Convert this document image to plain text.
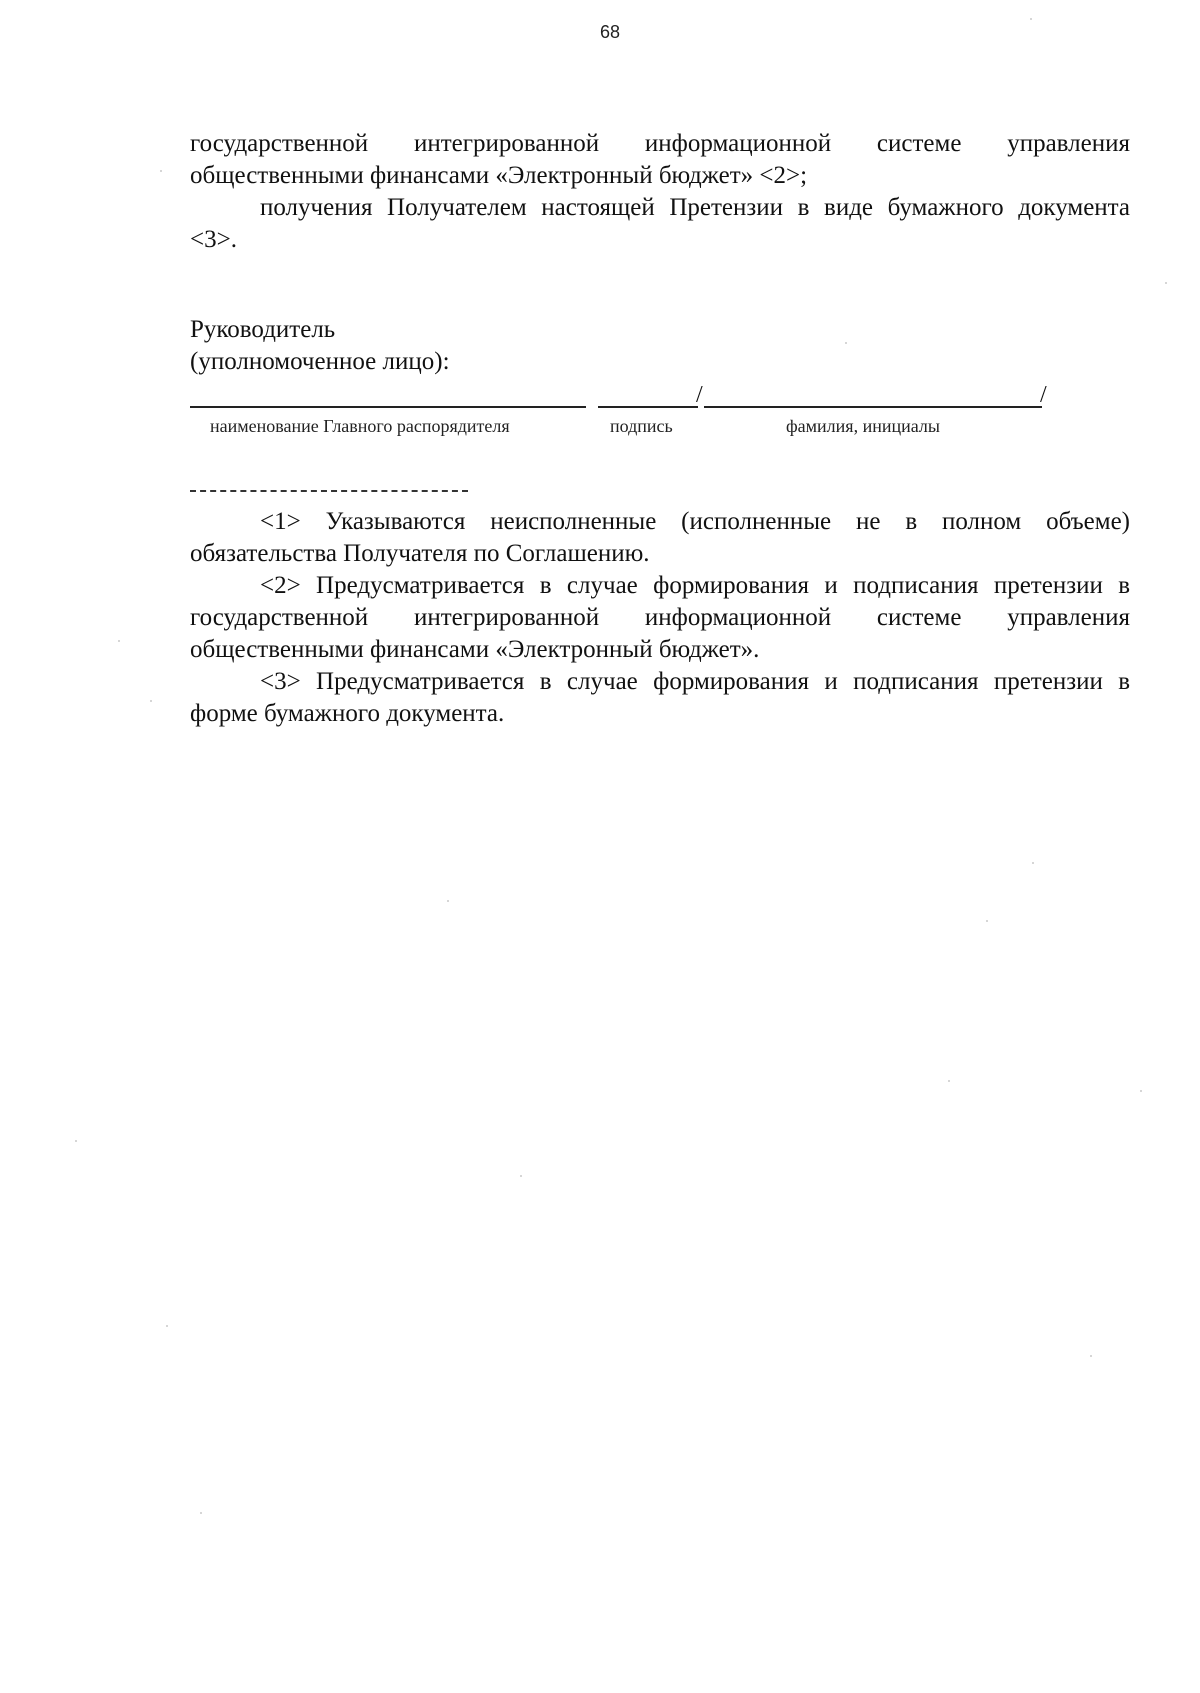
68
государственной интегрированной информационной системе управления
общественными финансами «Электронный бюджет» <2>;
получения Получателем настоящей Претензии в виде бумажного документа
<3>.
Руководитель
(уполномоченное лицо):
/	/
наименование Главного распорядителя	подпись	фамилия, инициалы
<1> Указываются неисполненные (исполненные не в полном объеме)
обязательства Получателя по Соглашению.
<2> Предусматривается в случае формирования и подписания претензии в
государственной интегрированной информационной системе управления
общественными финансами «Электронный бюджет».
<3> Предусматривается в случае формирования и подписания претензии в
форме бумажного документа.
